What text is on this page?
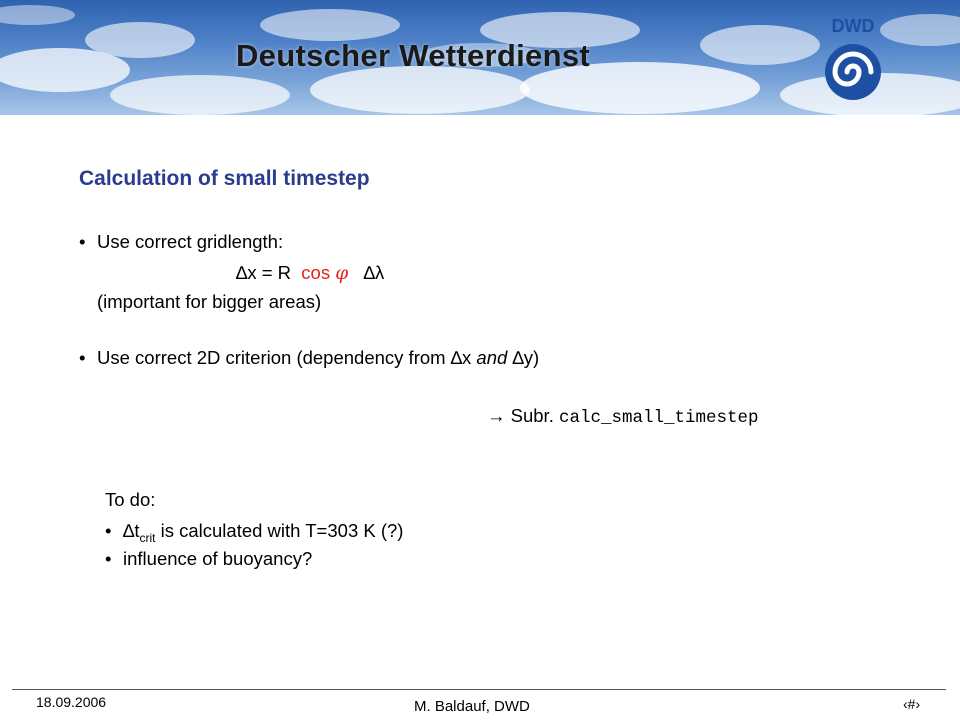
Deutscher Wetterdienst
DWD
Calculation of small timestep
• Use correct gridlength:
∆x = R cos φ ∆λ
(important for bigger areas)
• Use correct 2D criterion (dependency from ∆x and ∆y)
→ Subr. calc_small_timestep
To do:
• $\Delta t_{crit}$ is calculated with T=303 K (?)
• influence of buoyancy?
18.09.2006	M. Baldauf, DWD	‹#›
